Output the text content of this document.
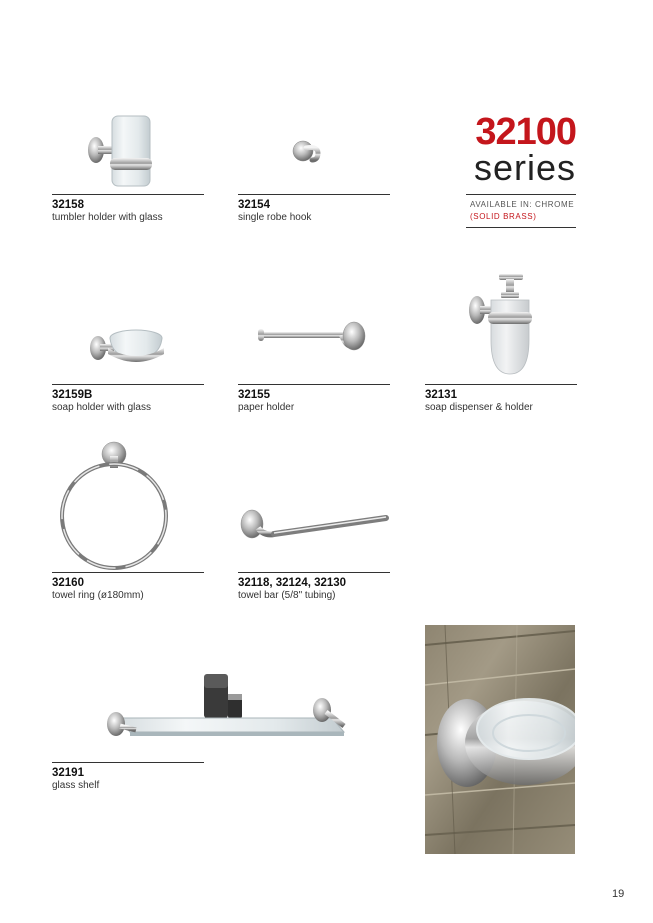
32158
tumbler holder with glass
32154
single robe hook
32100
series
AVAILABLE IN: CHROME
(SOLID BRASS)
32159B
soap holder with glass
32155
paper holder
32131
soap dispenser & holder
32160
towel ring (ø180mm)
32118, 32124, 32130
towel bar (5/8" tubing)
32191
glass shelf
19
